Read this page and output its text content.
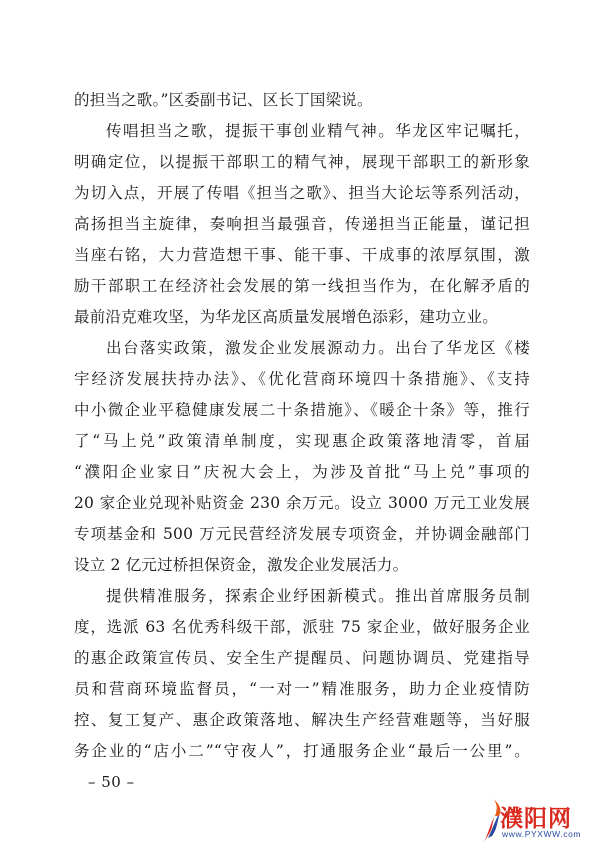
的担当之歌。”区委副书记、区长丁国梁说。
传唱担当之歌，提振干事创业精气神。华龙区牢记嘱托，
明确定位，以提振干部职工的精气神，展现干部职工的新形象
为切入点，开展了传唱《担当之歌》、担当大论坛等系列活动，
高扬担当主旋律，奏响担当最强音，传递担当正能量，谨记担
当座右铭，大力营造想干事、能干事、干成事的浓厚氛围，激
励干部职工在经济社会发展的第一线担当作为，在化解矛盾的
最前沿克难攻坚，为华龙区高质量发展增色添彩，建功立业。
出台落实政策，激发企业发展源动力。出台了华龙区《楼
宇经济发展扶持办法》、《优化营商环境四十条措施》、《支持
中小微企业平稳健康发展二十条措施》、《暖企十条》等，推行
了“马上兑”政策清单制度，实现惠企政策落地清零，首届
“濮阳企业家日”庆祝大会上，为涉及首批“马上兑”事项的
20 家企业兑现补贴资金 230 余万元。设立 3000 万元工业发展
专项基金和 500 万元民营经济发展专项资金，并协调金融部门
设立 2 亿元过桥担保资金，激发企业发展活力。
提供精准服务，探索企业纾困新模式。推出首席服务员制
度，选派 63 名优秀科级干部，派驻 75 家企业，做好服务企业
的惠企政策宣传员、安全生产提醒员、问题协调员、党建指导
员和营商环境监督员，“一对一”精准服务，助力企业疫情防
控、复工复产、惠企政策落地、解决生产经营难题等，当好服
务企业的“店小二”“守夜人”，打通服务企业“最后一公里”。
– 50 –
濮阳网
www.PYXWW.com
